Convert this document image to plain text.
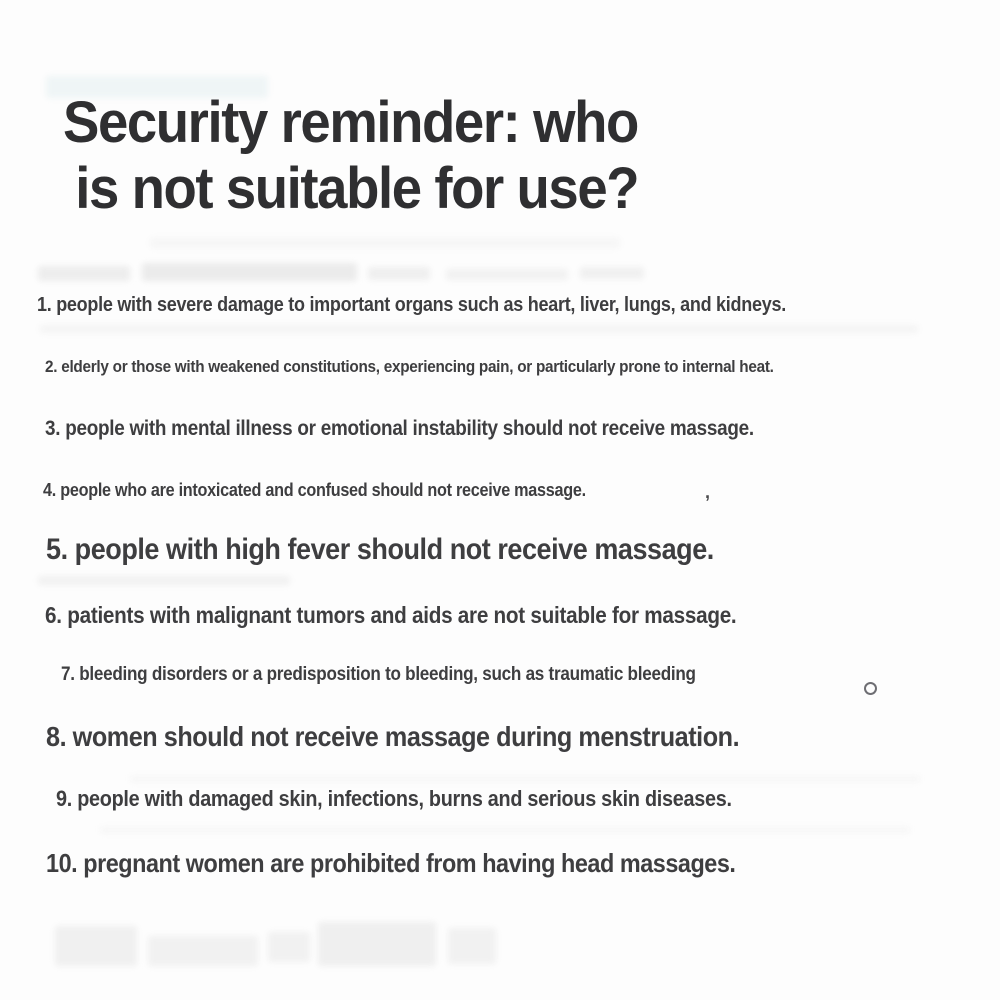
Security reminder: who
is not suitable for use?
1. people with severe damage to important organs such as heart, liver, lungs, and kidneys.
2. elderly or those with weakened constitutions, experiencing pain, or particularly prone to internal heat.
3. people with mental illness or emotional instability should not receive massage.
4. people who are intoxicated and confused should not receive massage.
5. people with high fever should not receive massage.
6. patients with malignant tumors and aids are not suitable for massage.
7. bleeding disorders or a predisposition to bleeding, such as traumatic bleeding
8. women should not receive massage during menstruation.
9. people with damaged skin, infections, burns and serious skin diseases.
10. pregnant women are prohibited from having head massages.
,
